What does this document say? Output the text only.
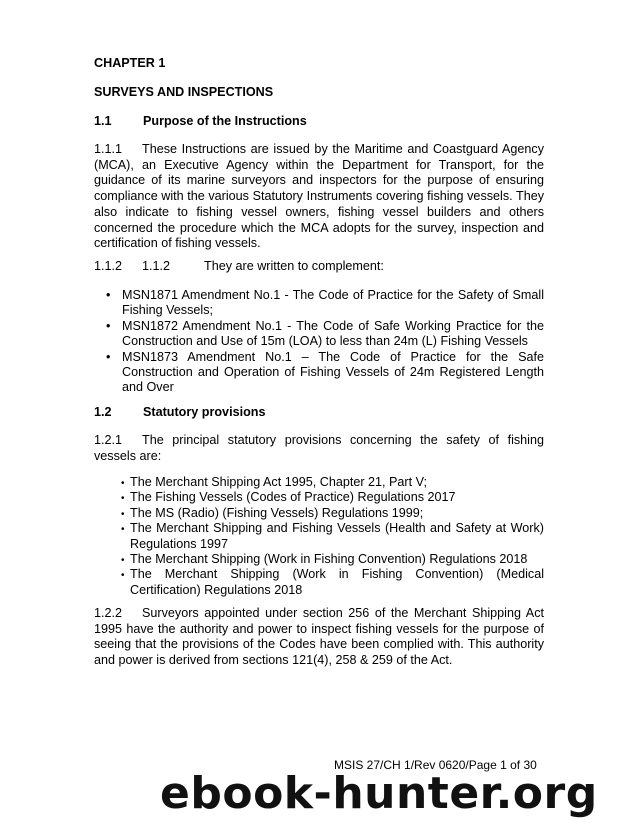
CHAPTER 1
SURVEYS AND INSPECTIONS
1.1 Purpose of the Instructions
1.1.1 These Instructions are issued by the Maritime and Coastguard Agency (MCA), an Executive Agency within the Department for Transport, for the guidance of its marine surveyors and inspectors for the purpose of ensuring compliance with the various Statutory Instruments covering fishing vessels. They also indicate to fishing vessel owners, fishing vessel builders and others concerned the procedure which the MCA adopts for the survey, inspection and certification of fishing vessels.
1.1.2 1.1.2	They are written to complement:
• MSN1871 Amendment No.1 - The Code of Practice for the Safety of Small Fishing Vessels;
• MSN1872 Amendment No.1 - The Code of Safe Working Practice for the Construction and Use of 15m (LOA) to less than 24m (L) Fishing Vessels
• MSN1873 Amendment No.1 – The Code of Practice for the Safe Construction and Operation of Fishing Vessels of 24m Registered Length and Over
1.2 Statutory provisions
1.2.1 The principal statutory provisions concerning the safety of fishing vessels are:
• The Merchant Shipping Act 1995, Chapter 21, Part V;
• The Fishing Vessels (Codes of Practice) Regulations 2017
• The MS (Radio) (Fishing Vessels) Regulations 1999;
• The Merchant Shipping and Fishing Vessels (Health and Safety at Work) Regulations 1997
• The Merchant Shipping (Work in Fishing Convention) Regulations 2018
• The Merchant Shipping (Work in Fishing Convention) (Medical Certification) Regulations 2018
1.2.2 Surveyors appointed under section 256 of the Merchant Shipping Act 1995 have the authority and power to inspect fishing vessels for the purpose of seeing that the provisions of the Codes have been complied with. This authority and power is derived from sections 121(4), 258 & 259 of the Act.
MSIS 27/CH 1/Rev 0620/Page 1 of 30
ebook-hunter.org
